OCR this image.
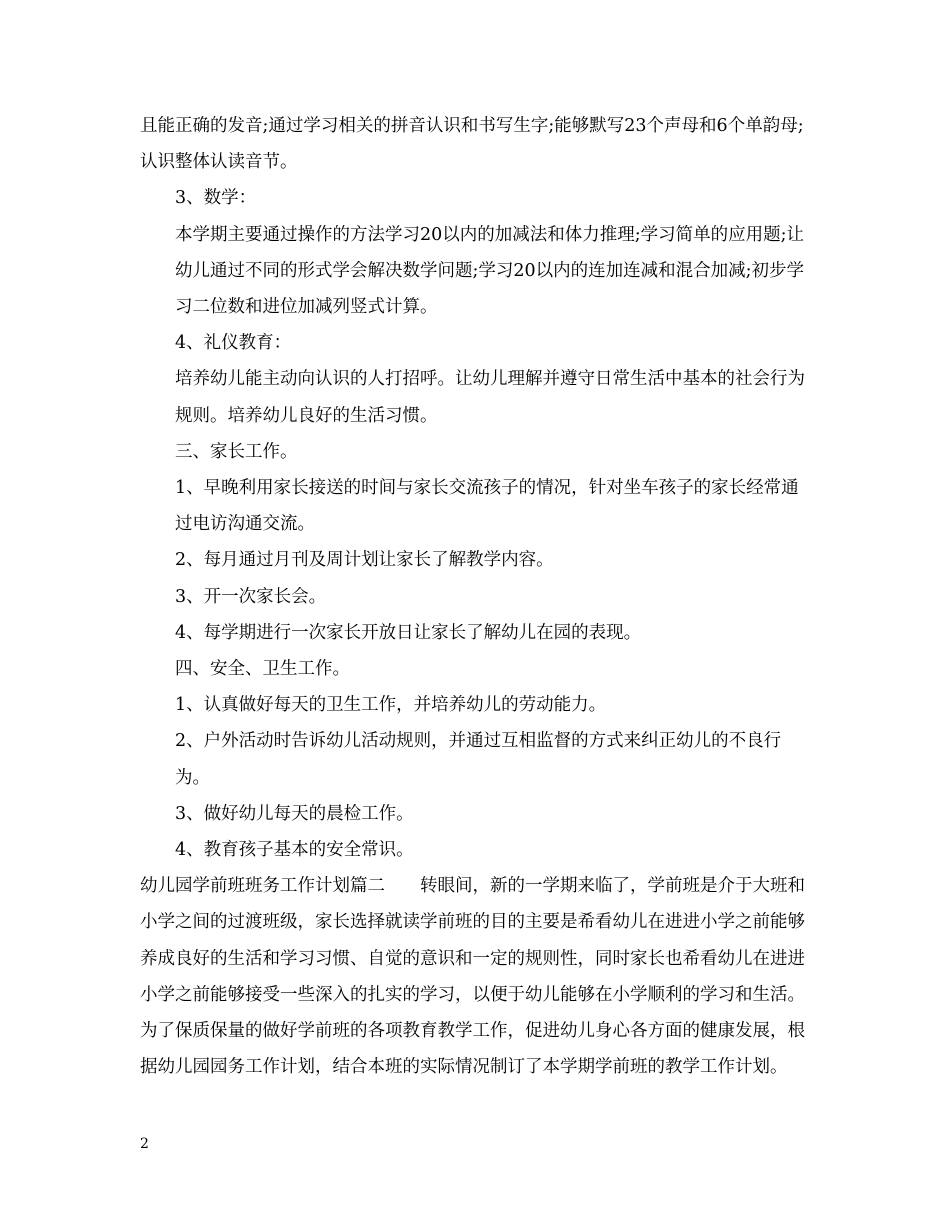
且能正确的发音;通过学习相关的拼音认识和书写生字;能够默写23个声母和6个单韵母;认识整体认读音节。

3、数学：

本学期主要通过操作的方法学习20以内的加减法和体力推理;学习简单的应用题;让幼儿通过不同的形式学会解决数学问题;学习20以内的连加连减和混合加减;初步学习二位数和进位加减列竖式计算。

4、礼仪教育：

培养幼儿能主动向认识的人打招呼。让幼儿理解并遵守日常生活中基本的社会行为规则。培养幼儿良好的生活习惯。

三、家长工作。

1、早晚利用家长接送的时间与家长交流孩子的情况，针对坐车孩子的家长经常通过电访沟通交流。

2、每月通过月刊及周计划让家长了解教学内容。

3、开一次家长会。

4、每学期进行一次家长开放日让家长了解幼儿在园的表现。

四、安全、卫生工作。

1、认真做好每天的卫生工作，并培养幼儿的劳动能力。

2、户外活动时告诉幼儿活动规则，并通过互相监督的方式来纠正幼儿的不良行为。

3、做好幼儿每天的晨检工作。

4、教育孩子基本的安全常识。

幼儿园学前班班务工作计划篇二　　转眼间，新的一学期来临了，学前班是介于大班和小学之间的过渡班级，家长选择就读学前班的目的主要是希看幼儿在进进小学之前能够养成良好的生活和学习习惯、自觉的意识和一定的规则性，同时家长也希看幼儿在进进小学之前能够接受一些深入的扎实的学习，以便于幼儿能够在小学顺利的学习和生活。为了保质保量的做好学前班的各项教育教学工作，促进幼儿身心各方面的健康发展，根据幼儿园园务工作计划，结合本班的实际情况制订了本学期学前班的教学工作计划。

2
